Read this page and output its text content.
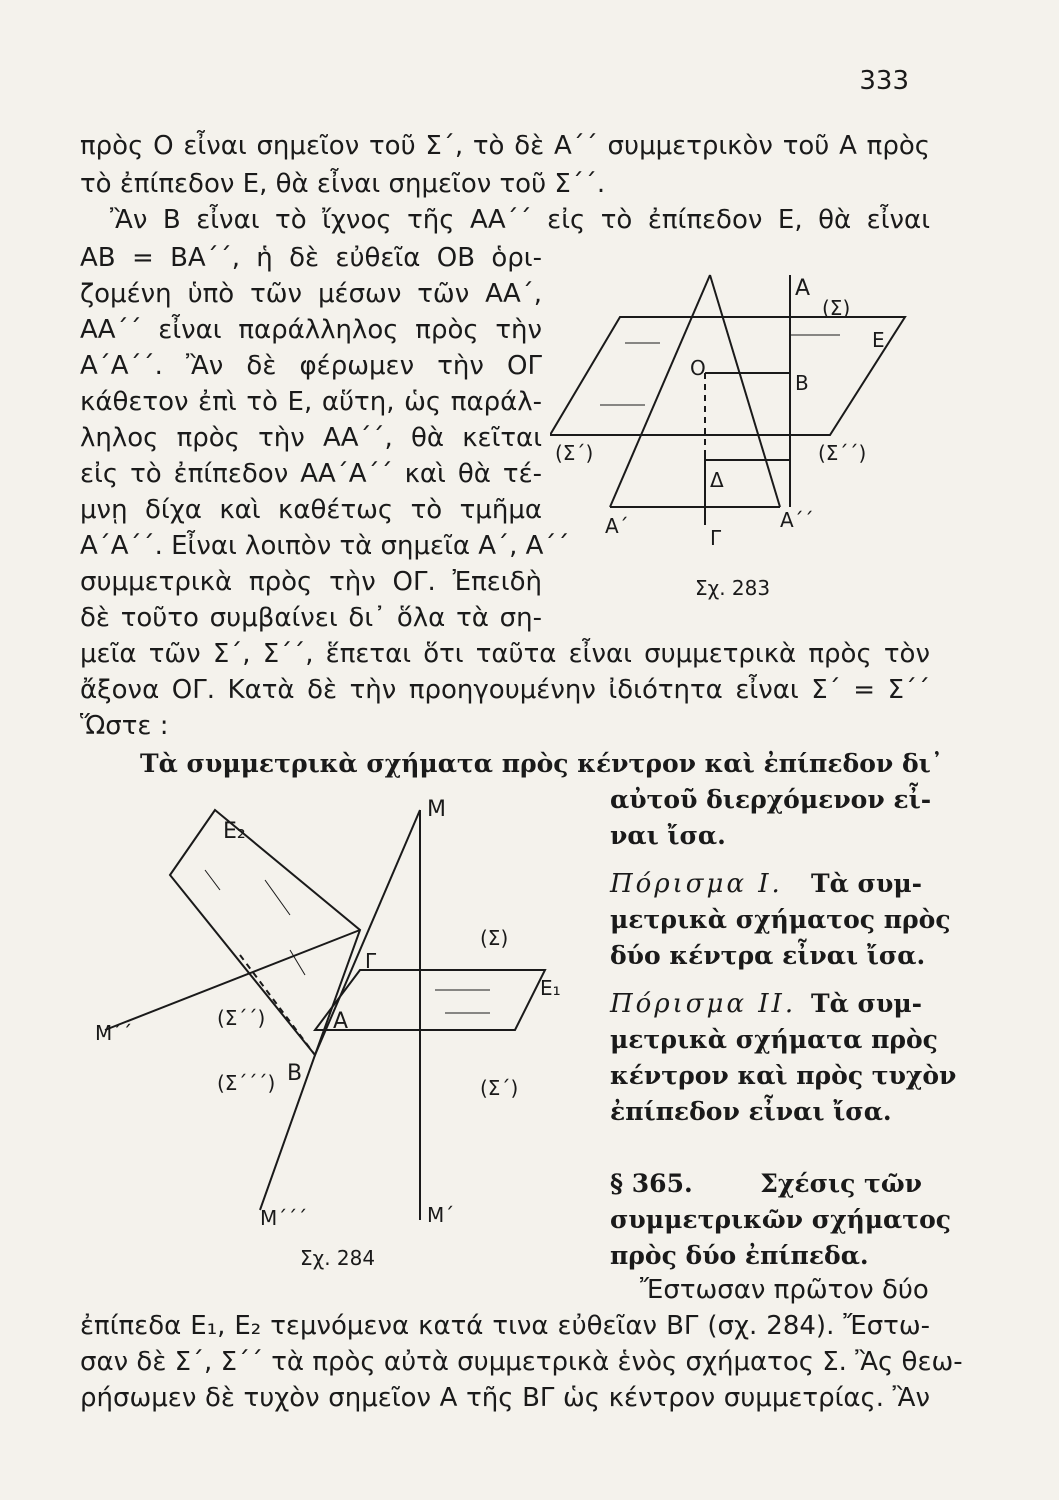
333
πρὸς Ο εἶναι σημεῖον τοῦ Σ΄, τὸ δὲ Α΄΄ συμμετρικὸν τοῦ Α πρὸς
τὸ ἐπίπεδον Ε, θὰ εἶναι σημεῖον τοῦ Σ΄΄.
Ἂν Β εἶναι τὸ ἴχνος τῆς ΑΑ΄΄ εἰς τὸ ἐπίπεδον Ε, θὰ εἶναι
ΑΒ = ΒΑ΄΄, ἡ δὲ εὐθεῖα ΟΒ ὁρι-
ζομένη ὑπὸ τῶν μέσων τῶν ΑΑ΄,
ΑΑ΄΄ εἶναι παράλληλος πρὸς τὴν
Α΄Α΄΄. Ἂν δὲ φέρωμεν τὴν ΟΓ
κάθετον ἐπὶ τὸ Ε, αὕτη, ὡς παράλ-
ληλος πρὸς τὴν ΑΑ΄΄, θὰ κεῖται
εἰς τὸ ἐπίπεδον ΑΑ΄Α΄΄ καὶ θὰ τέ-
μνῃ δίχα καὶ καθέτως τὸ τμῆμα
Α΄Α΄΄. Εἶναι λοιπὸν τὰ σημεῖα Α΄, Α΄΄
συμμετρικὰ πρὸς τὴν ΟΓ. Ἐπειδὴ
δὲ τοῦτο συμβαίνει δι᾽ ὅλα τὰ ση-
μεῖα τῶν Σ΄, Σ΄΄, ἕπεται ὅτι ταῦτα εἶναι συμμετρικὰ πρὸς τὸν
ἄξονα ΟΓ. Κατὰ δὲ τὴν προηγουμένην ἰδιότητα εἶναι Σ΄ = Σ΄΄
Ὥστε :
Τὰ συμμετρικὰ σχήματα πρὸς κέντρον καὶ ἐπίπεδον δι᾽
αὐτοῦ διερχόμενον εἶ-
ναι ἴσα.
Πόρισμα Ι. Τὰ συμ-
μετρικὰ σχήματος πρὸς
δύο κέντρα εἶναι ἴσα.
Πόρισμα ΙΙ. Τὰ συμ-
μετρικὰ σχήματα πρὸς
κέντρον καὶ πρὸς τυχὸν
ἐπίπεδον εἶναι ἴσα.
§ 365.	Σχέσις τῶν
συμμετρικῶν σχήματος
πρὸς δύο ἐπίπεδα.
Ἔστωσαν πρῶτον δύο
ἐπίπεδα Ε₁, Ε₂ τεμνόμενα κατά τινα εὐθεῖαν ΒΓ (σχ. 284). Ἔστω-
σαν δὲ Σ΄, Σ΄΄ τὰ πρὸς αὐτὰ συμμετρικὰ ἑνὸς σχήματος Σ. Ἂς θεω-
ρήσωμεν δὲ τυχὸν σημεῖον Α τῆς ΒΓ ὡς κέντρον συμμετρίας. Ἂν
A
(Σ)
E
O
B
(Σ΄)	(Σ΄΄)
Δ
A΄	A΄΄
Γ
Σχ. 283
E₂
M
(Σ)
Γ
E₁
M΄΄
(Σ΄΄)	A
(Σ΄΄΄) B
(Σ΄)
M΄΄΄	M΄
Σχ. 284
